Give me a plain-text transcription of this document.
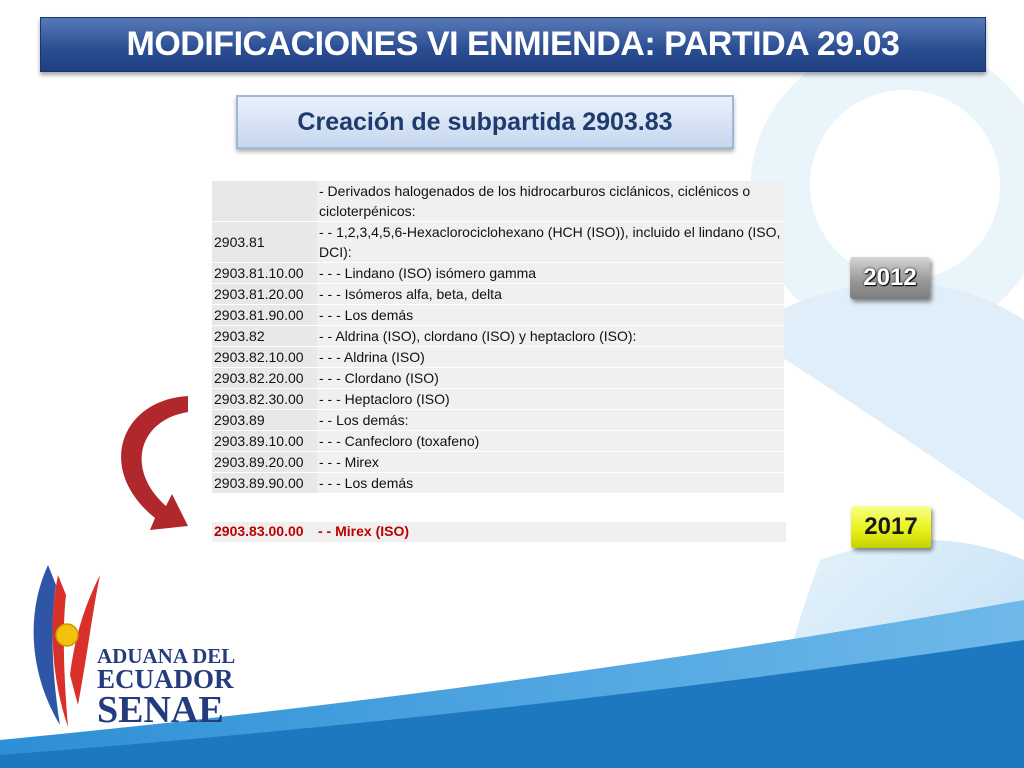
MODIFICACIONES VI ENMIENDA: PARTIDA 29.03
Creación de subpartida 2903.83
	- Derivados halogenados de los hidrocarburos ciclánicos, ciclénicos o cicloterpénicos:
2903.81	- - 1,2,3,4,5,6-Hexaclorociclohexano (HCH (ISO)), incluido el lindano (ISO, DCI):
2903.81.10.00	- - - Lindano (ISO) isómero gamma
2903.81.20.00	- - - Isómeros alfa, beta, delta
2903.81.90.00	- - - Los demás
2903.82	- - Aldrina (ISO), clordano (ISO) y heptacloro (ISO):
2903.82.10.00	- - - Aldrina (ISO)
2903.82.20.00	- - - Clordano (ISO)
2903.82.30.00	- - - Heptacloro (ISO)
2903.89	- - Los demás:
2903.89.10.00	- - - Canfecloro (toxafeno)
2903.89.20.00	- - - Mirex
2903.89.90.00	- - - Los demás
2903.83.00.00 - - Mirex (ISO)
2012
2017
ADUANA DEL
ECUADOR
SENAE
